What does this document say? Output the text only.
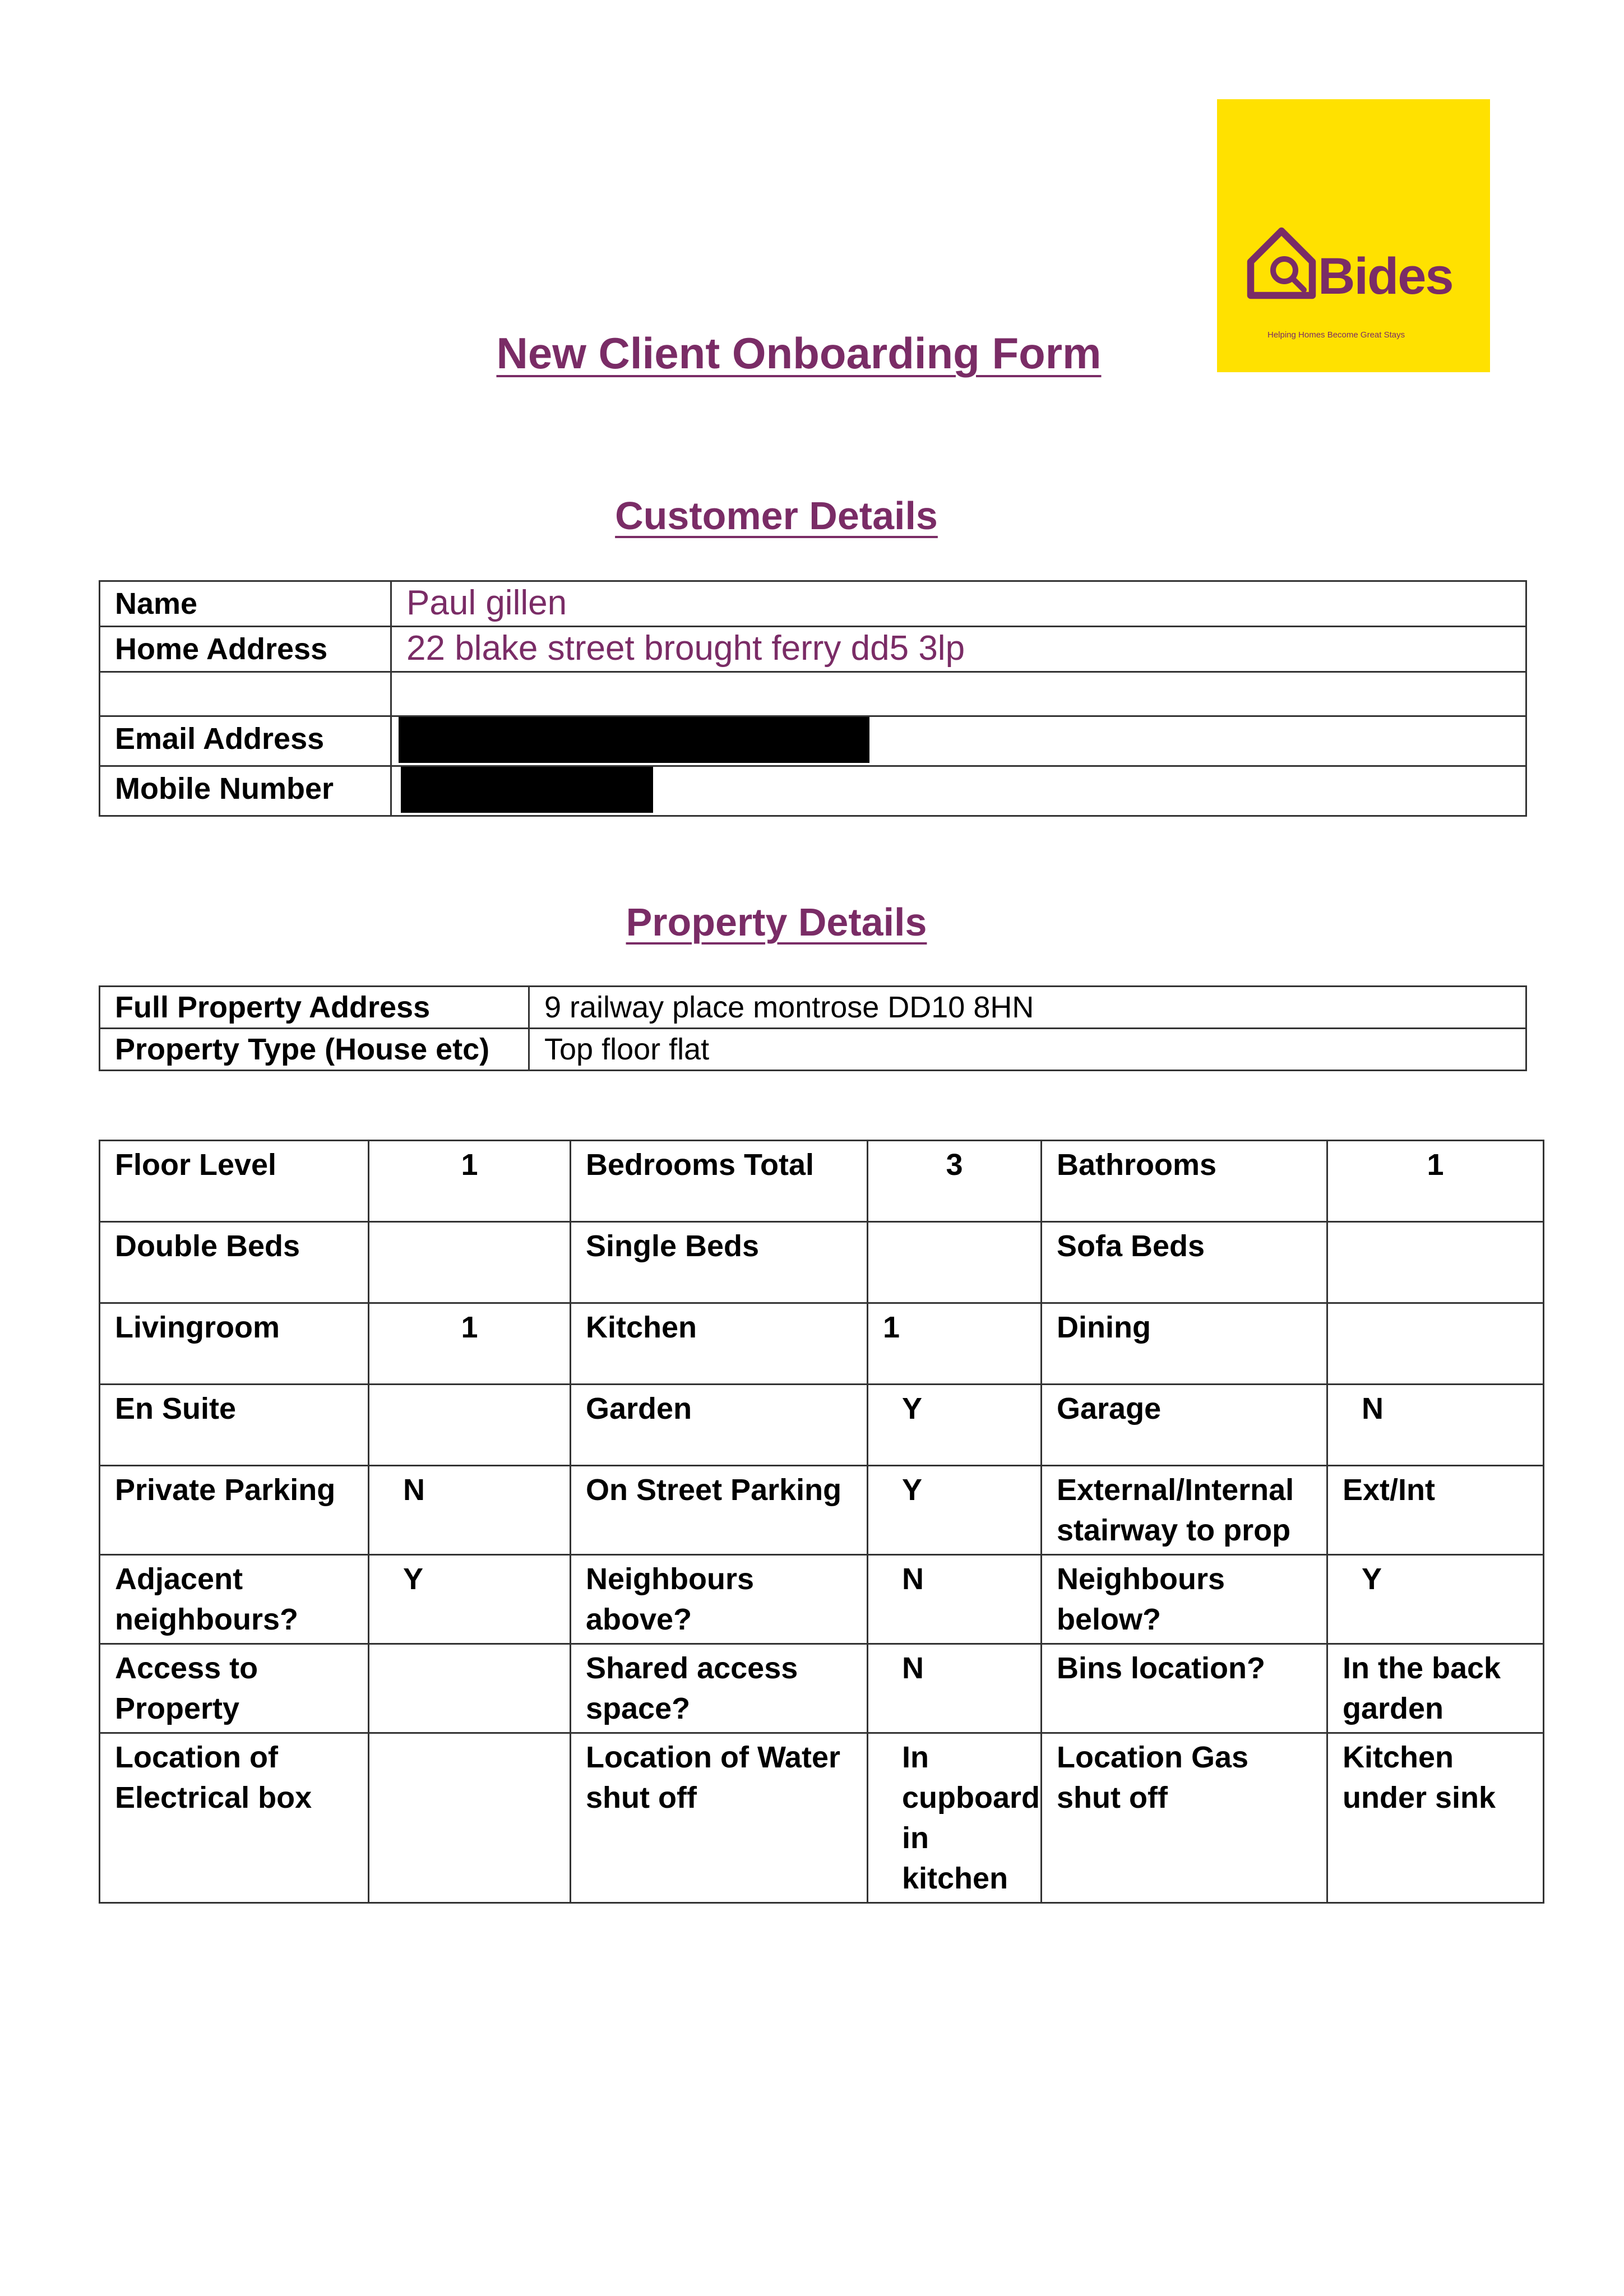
Bides
Helping Homes Become Great Stays
New Client Onboarding Form
Customer Details
Name	Paul gillen
Home Address	22 blake street brought ferry dd5 3lp

Email Address	
Mobile Number	
Property Details
Full Property Address	9 railway place montrose DD10 8HN
Property Type (House etc)	Top floor flat
Floor Level	1	Bedrooms Total	3	Bathrooms	1
Double Beds		Single Beds		Sofa Beds	
Livingroom	1	Kitchen	1	Dining	
En Suite		Garden	Y	Garage	N
Private Parking	N	On Street Parking	Y	External/Internal stairway to prop	Ext/Int
Adjacent neighbours?	Y	Neighbours above?	N	Neighbours below?	Y
Access to Property		Shared access space?	N	Bins location?	In the back garden
Location of Electrical box		Location of Water shut off	In cupboard in kitchen	Location Gas shut off	Kitchen under sink
